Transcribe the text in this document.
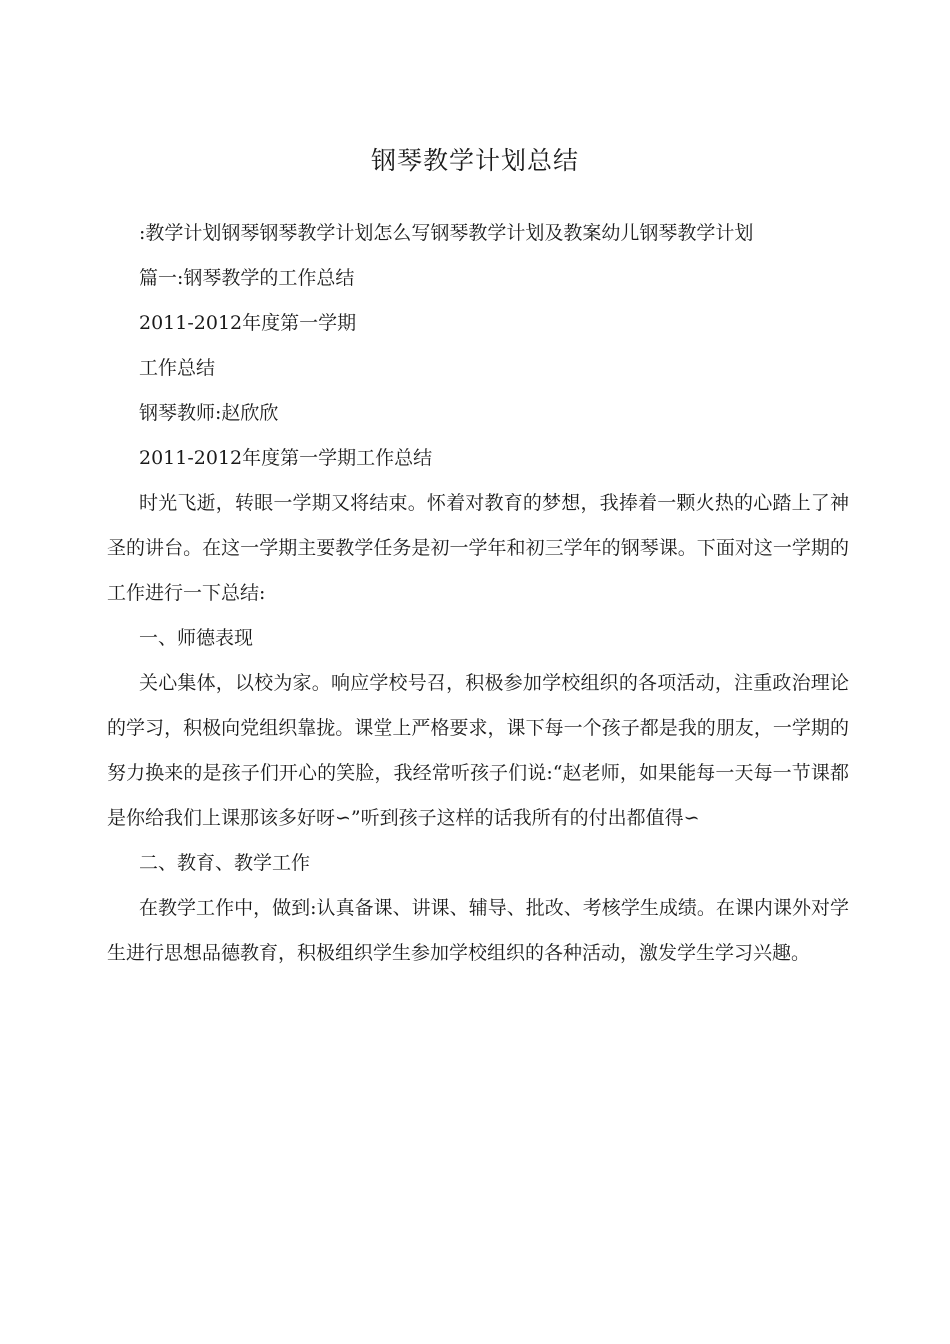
钢琴教学计划总结

:教学计划钢琴钢琴教学计划怎么写钢琴教学计划及教案幼儿钢琴教学计划

篇一:钢琴教学的工作总结

2011-2012年度第一学期

工作总结

钢琴教师:赵欣欣

2011-2012年度第一学期工作总结

时光飞逝，转眼一学期又将结束。怀着对教育的梦想，我捧着一颗火热的心踏上了神圣的讲台。在这一学期主要教学任务是初一学年和初三学年的钢琴课。下面对这一学期的工作进行一下总结:

一、师德表现

关心集体，以校为家。响应学校号召，积极参加学校组织的各项活动，注重政治理论的学习，积极向党组织靠拢。课堂上严格要求，课下每一个孩子都是我的朋友，一学期的努力换来的是孩子们开心的笑脸，我经常听孩子们说:“赵老师，如果能每一天每一节课都是你给我们上课那该多好呀∽”听到孩子这样的话我所有的付出都值得∽

二、教育、教学工作

在教学工作中，做到:认真备课、讲课、辅导、批改、考核学生成绩。在课内课外对学生进行思想品德教育，积极组织学生参加学校组织的各种活动，激发学生学习兴趣。
